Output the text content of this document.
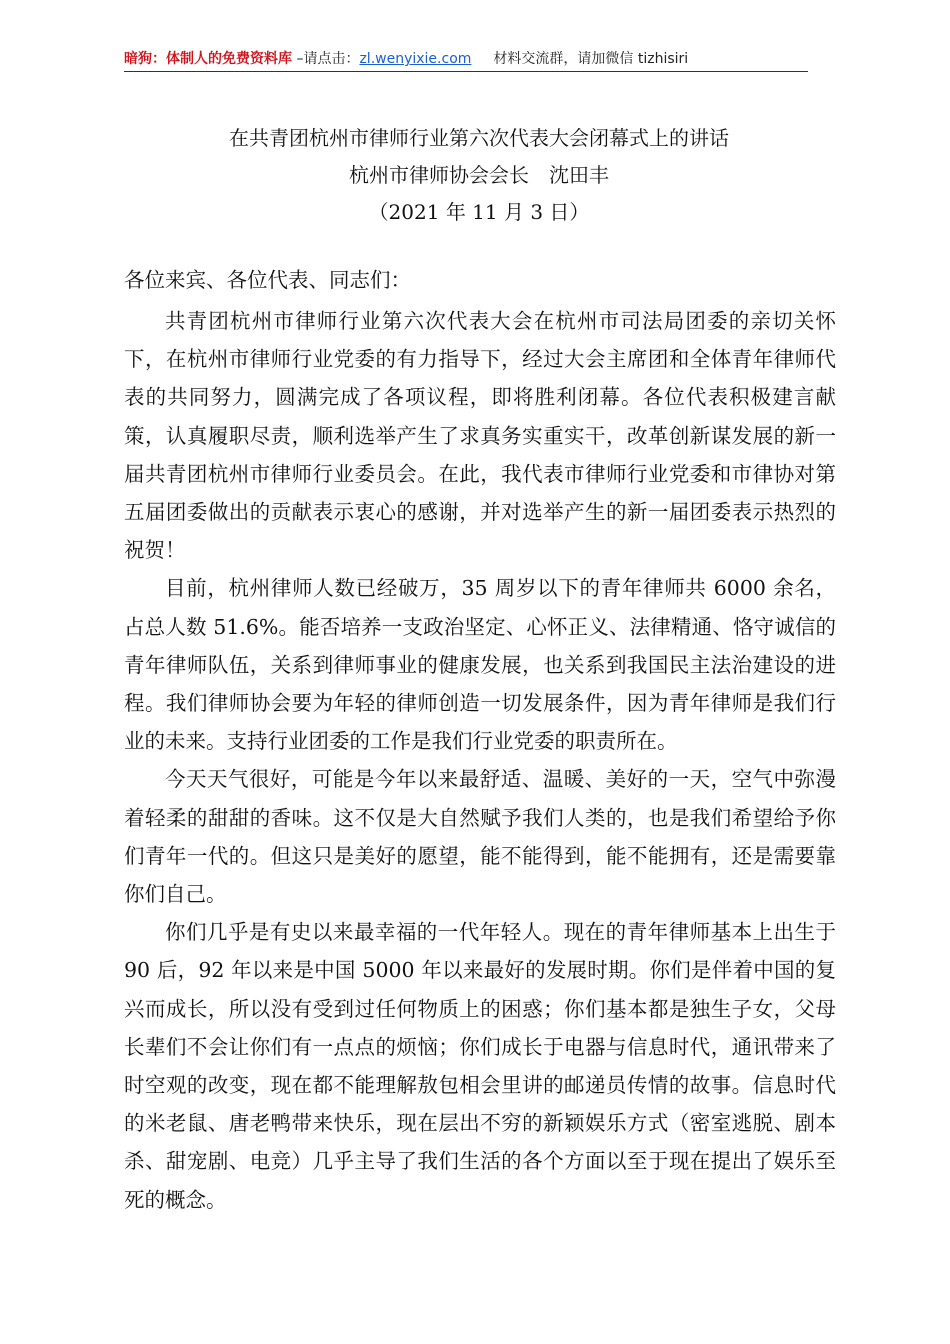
暗狗：体制人的免费资料库 –请点击：zl.wenyixie.com 材料交流群，请加微信 tizhisiri
在共青团杭州市律师行业第六次代表大会闭幕式上的讲话
杭州市律师协会会长　沈田丰
（2021 年 11 月 3 日）
各位来宾、各位代表、同志们：

共青团杭州市律师行业第六次代表大会在杭州市司法局团委的亲切关怀下，在杭州市律师行业党委的有力指导下，经过大会主席团和全体青年律师代表的共同努力，圆满完成了各项议程，即将胜利闭幕。各位代表积极建言献策，认真履职尽责，顺利选举产生了求真务实重实干，改革创新谋发展的新一届共青团杭州市律师行业委员会。在此，我代表市律师行业党委和市律协对第五届团委做出的贡献表示衷心的感谢，并对选举产生的新一届团委表示热烈的祝贺！

目前，杭州律师人数已经破万，35 周岁以下的青年律师共 6000 余名，占总人数 51.6%。能否培养一支政治坚定、心怀正义、法律精通、恪守诚信的青年律师队伍，关系到律师事业的健康发展，也关系到我国民主法治建设的进程。我们律师协会要为年轻的律师创造一切发展条件，因为青年律师是我们行业的未来。支持行业团委的工作是我们行业党委的职责所在。

今天天气很好，可能是今年以来最舒适、温暖、美好的一天，空气中弥漫着轻柔的甜甜的香味。这不仅是大自然赋予我们人类的，也是我们希望给予你们青年一代的。但这只是美好的愿望，能不能得到，能不能拥有，还是需要靠你们自己。

你们几乎是有史以来最幸福的一代年轻人。现在的青年律师基本上出生于 90 后，92 年以来是中国 5000 年以来最好的发展时期。你们是伴着中国的复兴而成长，所以没有受到过任何物质上的困惑；你们基本都是独生子女，父母长辈们不会让你们有一点点的烦恼；你们成长于电器与信息时代，通讯带来了时空观的改变，现在都不能理解敖包相会里讲的邮递员传情的故事。信息时代的米老鼠、唐老鸭带来快乐，现在层出不穷的新颖娱乐方式（密室逃脱、剧本杀、甜宠剧、电竞）几乎主导了我们生活的各个方面以至于现在提出了娱乐至死的概念。
